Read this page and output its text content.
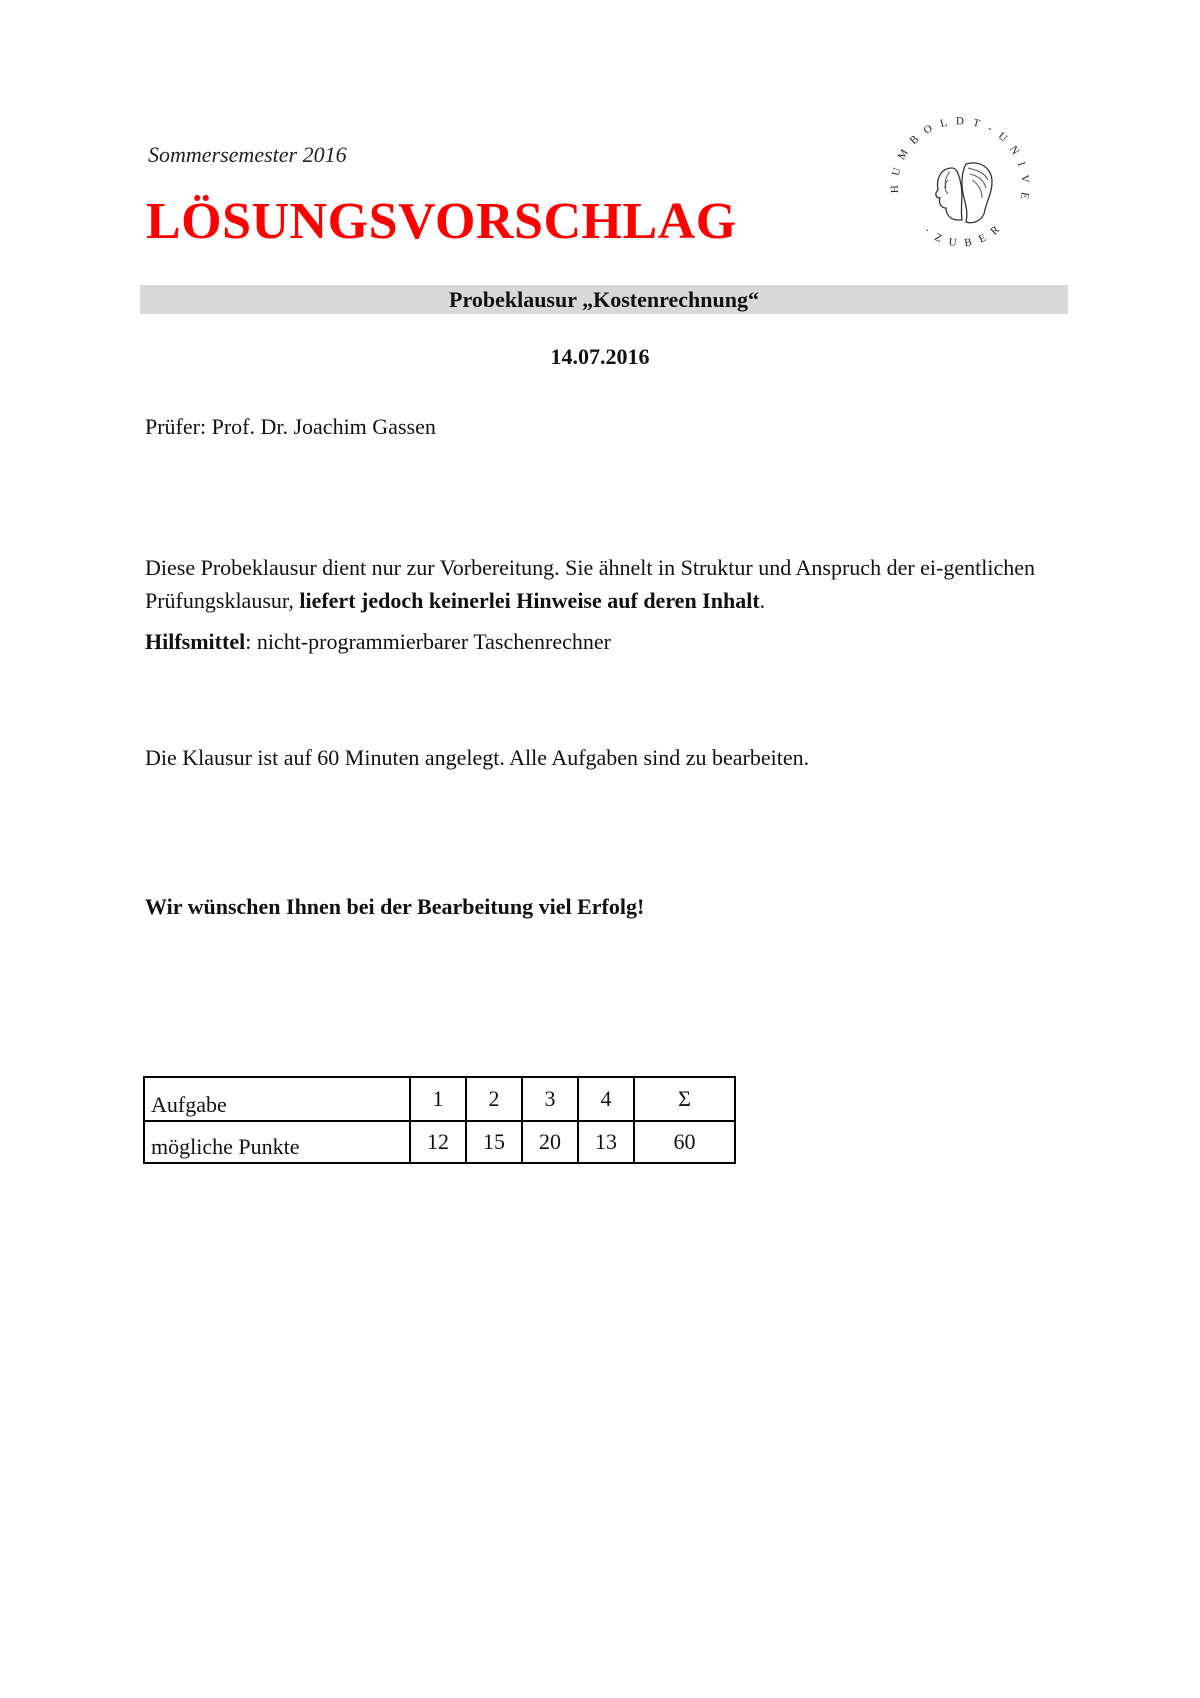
Sommersemester 2016
LÖSUNGSVORSCHLAG
H U M B O L D T - U N I V E
· Z U B E R
Probeklausur „Kostenrechnung“
14.07.2016
Prüfer: Prof. Dr. Joachim Gassen
Diese Probeklausur dient nur zur Vorbereitung. Sie ähnelt in Struktur und Anspruch der ei-gentlichen Prüfungsklausur, liefert jedoch keinerlei Hinweise auf deren Inhalt.
Hilfsmittel: nicht-programmierbarer Taschenrechner
Die Klausur ist auf 60 Minuten angelegt. Alle Aufgaben sind zu bearbeiten.
Wir wünschen Ihnen bei der Bearbeitung viel Erfolg!
Aufgabe	1	2	3	4	Σ
mögliche Punkte	12	15	20	13	60
